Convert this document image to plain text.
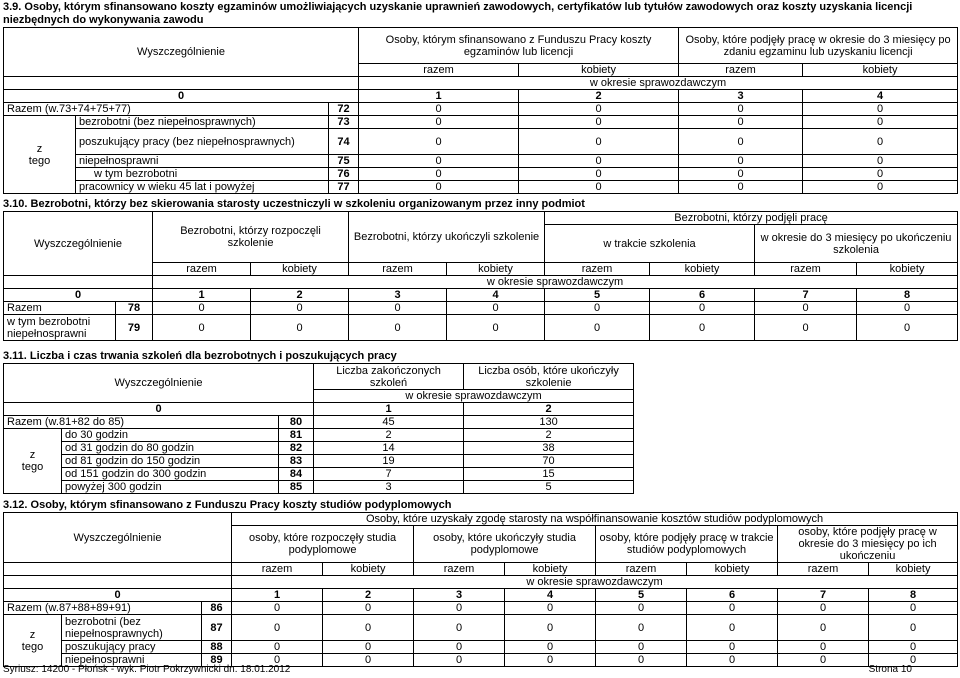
3.9. Osoby, którym sfinansowano koszty egzaminów umożliwiających uzyskanie uprawnień zawodowych, certyfikatów lub tytułów zawodowych oraz koszty uzyskania licencji
niezbędnych do wykonywania zawodu
Wyszczególnienie			Osoby, którym sfinansowano z Funduszu Pracy koszty egzaminów lub licencji		Osoby, które podjęły pracę w okresie do 3 miesięcy po zdaniu egzaminu lub uzyskaniu licencji	
			razem	kobiety	razem	kobiety
			w okresie sprawozdawczym			
0			1	2	3	4
Razem (w.73+74+75+77)		72	0	0	0	0

z
tego	bezrobotni (bez niepełnosprawnych)	73	0	0	0	0
	poszukujący pracy (bez niepełnosprawnych)	74	0	0	0	0
	niepełnosprawni	75	0	0	0	0
	w tym bezrobotni	76	0	0	0	0
	pracownicy w wieku 45 lat i powyżej	77	0	0	0	0
3.10. Bezrobotni, którzy bez skierowania starosty uczestniczyli w szkoleniu organizowanym przez inny podmiot
Wyszczególnienie		Bezrobotni, którzy rozpoczęli szkolenie		Bezrobotni, którzy ukończyli szkolenie		Bezrobotni, którzy podjęli pracę			
						w trakcie szkolenia		w okresie do 3 miesięcy po ukończeniu szkolenia	
		razem	kobiety	razem	kobiety	razem	kobiety	razem	kobiety
		w okresie sprawozdawczym							
0		1	2	3	4	5	6	7	8
Razem	78	0	0	0	0	0	0	0	0
w tym bezrobotni niepełnosprawni	79	0	0	0	0	0	0	0	0
3.11. Liczba i czas trwania szkoleń dla bezrobotnych i poszukujących pracy
Wyszczególnienie			Liczba zakończonych szkoleń	Liczba osób, które ukończyły szkolenie
			w okresie sprawozdawczym	
0			1	2
Razem (w.81+82 do 85)		80	45	130

z
tego	do 30 godzin	81	2	2
	od 31 godzin do 80 godzin	82	14	38
	od 81 godzin do 150 godzin	83	19	70
	od 151 godzin do 300 godzin	84	7	15
	powyżej 300 godzin	85	3	5
3.12. Osoby, którym sfinansowano z Funduszu Pracy koszty studiów podyplomowych
Wyszczególnienie			Osoby, które uzyskały zgodę starosty na współfinansowanie kosztów studiów podyplomowych							
			osoby, które rozpoczęły studia podyplomowe		osoby, które ukończyły studia podyplomowe		osoby, które podjęły pracę w trakcie studiów podyplomowych		osoby, które podjęły pracę w okresie do 3 miesięcy po ich ukończeniu	
			razem	kobiety	razem	kobiety	razem	kobiety	razem	kobiety
			w okresie sprawozdawczym							
0			1	2	3	4	5	6	7	8
Razem (w.87+88+89+91)		86	0	0	0	0	0	0	0	0

z
tego	bezrobotni (bez niepełnosprawnych)	87	0	0	0	0	0	0	0	0
	poszukujący pracy	88	0	0	0	0	0	0	0	0
	niepełnosprawni	89	0	0	0	0	0	0	0	0
Syriusz: 14200 - Płońsk - wyk. Piotr Pokrzywnicki dn. 18.01.2012	Strona 10
